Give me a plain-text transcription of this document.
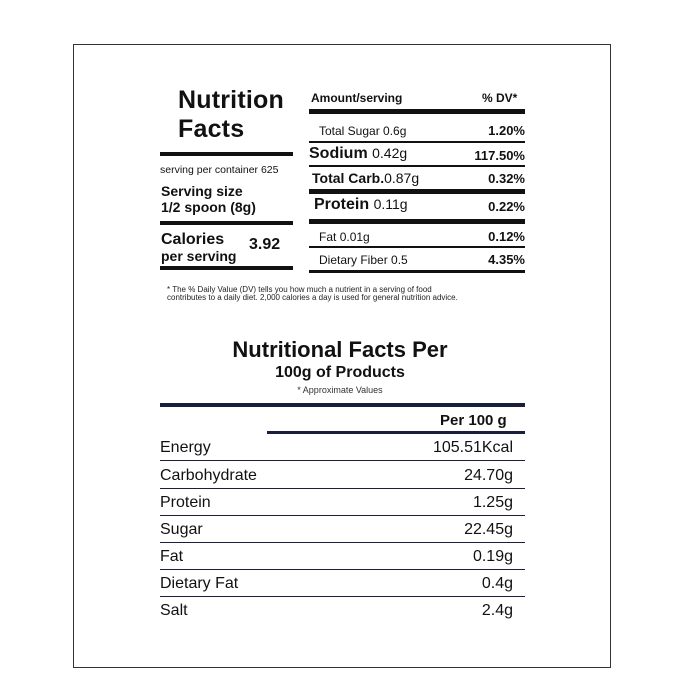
Nutrition
Facts
serving per container 625
Serving size
1/2 spoon (8g)
Calories
per serving
3.92
Amount/serving	% DV*
Total Sugar 0.6g	1.20%
Sodium 0.42g	117.50%
Total Carb.0.87g	0.32%
Protein 0.11g	0.22%
Fat 0.01g	0.12%
Dietary Fiber 0.5	4.35%
* The % Daily Value (DV) tells you how much a nutrient in a serving of food
contributes to a daily diet. 2,000 calories a day is used for general nutrition advice.
Nutritional Facts Per
100g of Products
* Approximate Values
Per 100 g
Energy	105.51Kcal
Carbohydrate	24.70g
Protein	1.25g
Sugar	22.45g
Fat	0.19g
Dietary Fat	0.4g
Salt	2.4g
